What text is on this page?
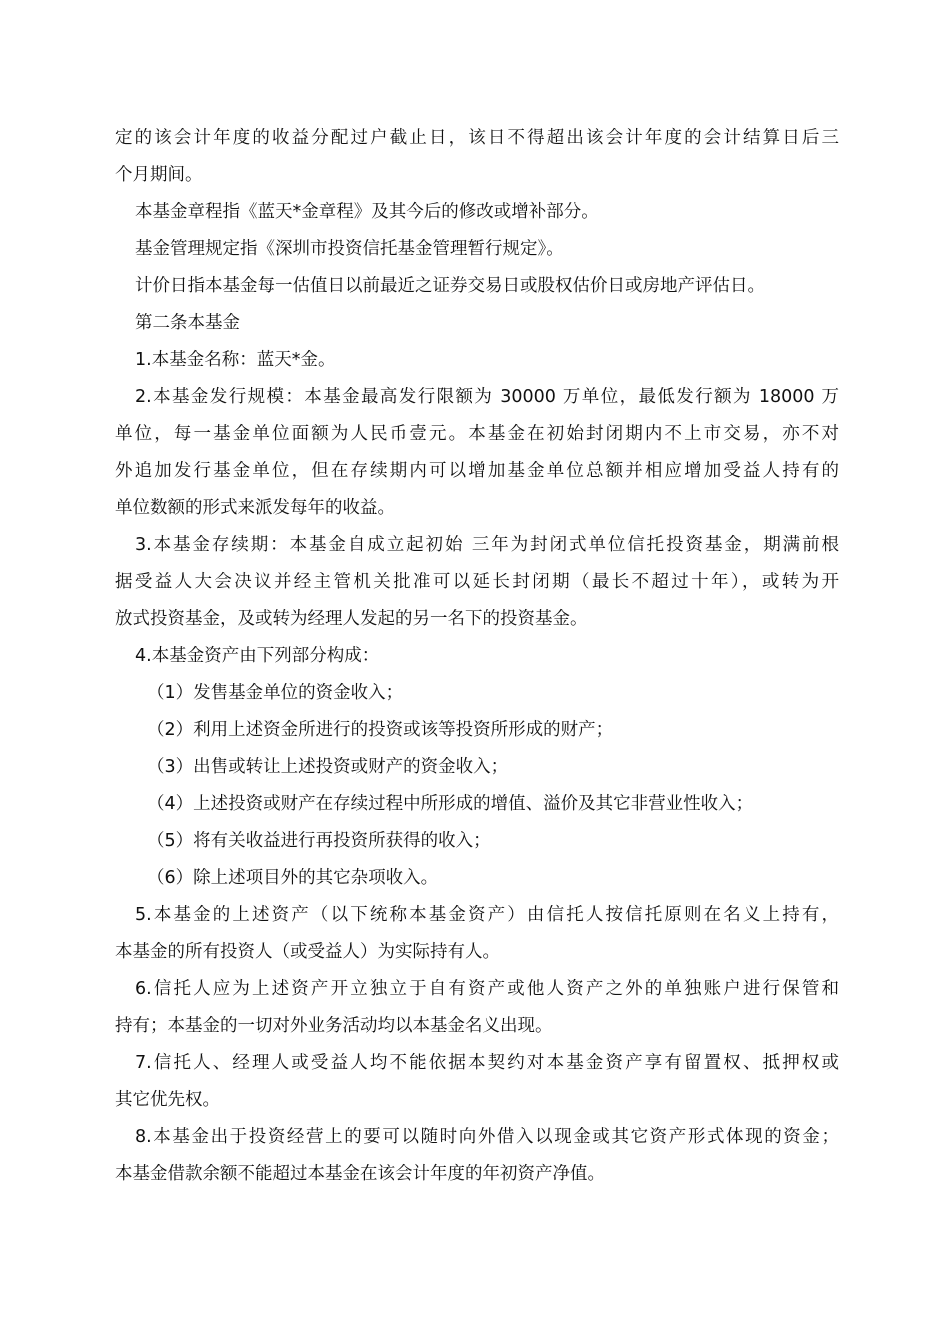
定的该会计年度的收益分配过户截止日，该日不得超出该会计年度的会计结算日后三
个月期间。
本基金章程指《蓝天*金章程》及其今后的修改或增补部分。
基金管理规定指《深圳市投资信托基金管理暂行规定》。
计价日指本基金每一估值日以前最近之证券交易日或股权估价日或房地产评估日。
第二条本基金
1.本基金名称：蓝天*金。
2.本基金发行规模：本基金最高发行限额为 30000 万单位，最低发行额为 18000 万
单位，每一基金单位面额为人民币壹元。本基金在初始封闭期内不上市交易，亦不对
外追加发行基金单位，但在存续期内可以增加基金单位总额并相应增加受益人持有的
单位数额的形式来派发每年的收益。
3.本基金存续期：本基金自成立起初始 三年为封闭式单位信托投资基金，期满前根
据受益人大会决议并经主管机关批准可以延长封闭期（最长不超过十年），或转为开
放式投资基金，及或转为经理人发起的另一名下的投资基金。
4.本基金资产由下列部分构成：
（1）发售基金单位的资金收入；
（2）利用上述资金所进行的投资或该等投资所形成的财产；
（3）出售或转让上述投资或财产的资金收入；
（4）上述投资或财产在存续过程中所形成的增值、溢价及其它非营业性收入；
（5）将有关收益进行再投资所获得的收入；
（6）除上述项目外的其它杂项收入。
5.本基金的上述资产（以下统称本基金资产）由信托人按信托原则在名义上持有，
本基金的所有投资人（或受益人）为实际持有人。
6.信托人应为上述资产开立独立于自有资产或他人资产之外的单独账户进行保管和
持有；本基金的一切对外业务活动均以本基金名义出现。
7.信托人、经理人或受益人均不能依据本契约对本基金资产享有留置权、抵押权或
其它优先权。
8.本基金出于投资经营上的要可以随时向外借入以现金或其它资产形式体现的资金；
本基金借款余额不能超过本基金在该会计年度的年初资产净值。
